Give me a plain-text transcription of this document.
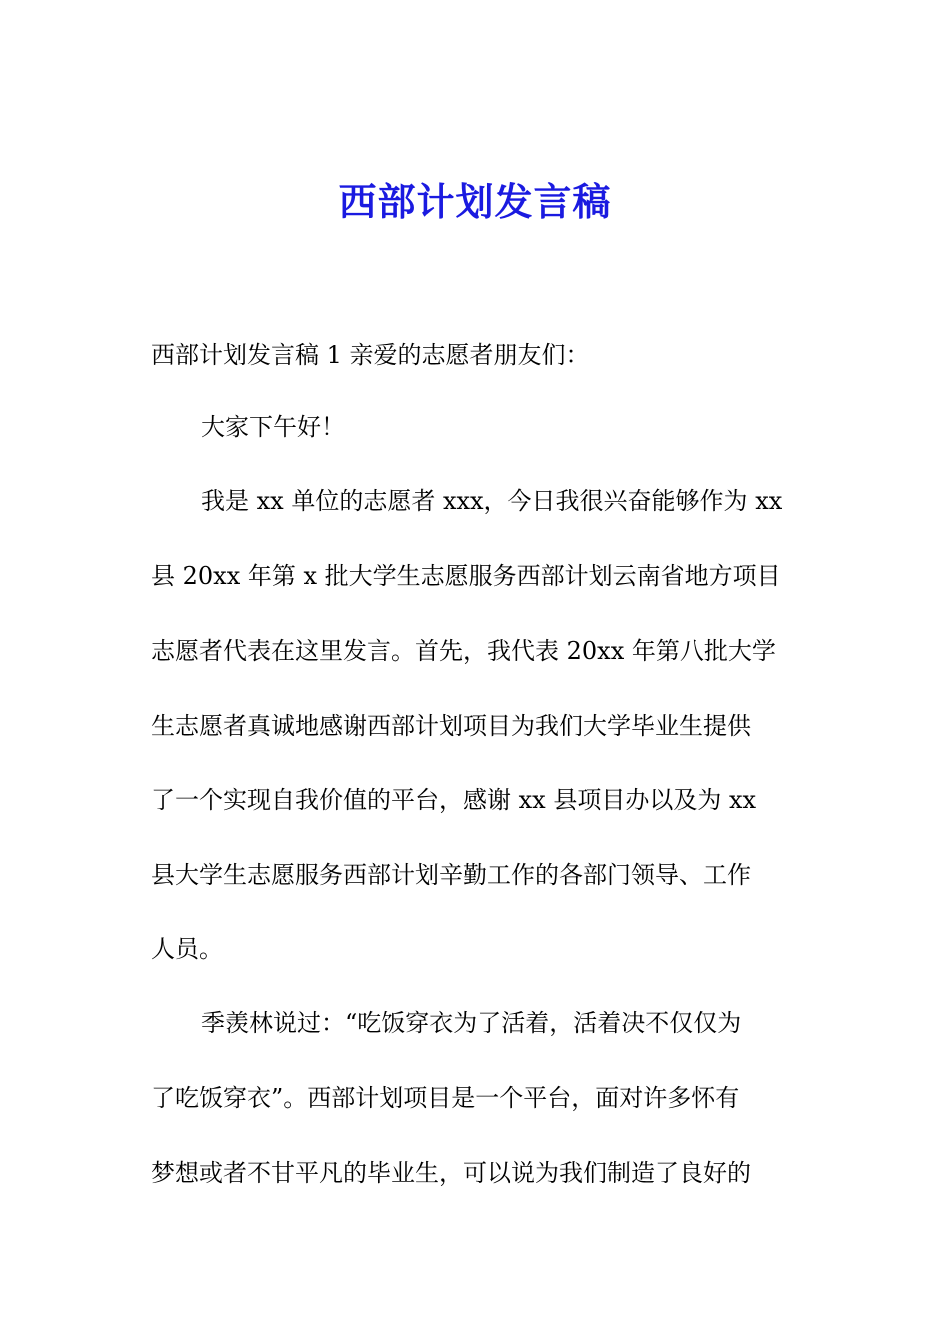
西部计划发言稿
西部计划发言稿 1 亲爱的志愿者朋友们：
大家下午好！
我是 xx 单位的志愿者 xxx，今日我很兴奋能够作为 xx
县 20xx 年第 x 批大学生志愿服务西部计划云南省地方项目
志愿者代表在这里发言。首先，我代表 20xx 年第八批大学
生志愿者真诚地感谢西部计划项目为我们大学毕业生提供
了一个实现自我价值的平台，感谢 xx 县项目办以及为 xx
县大学生志愿服务西部计划辛勤工作的各部门领导、工作
人员。
季羡林说过：“吃饭穿衣为了活着，活着决不仅仅为
了吃饭穿衣”。西部计划项目是一个平台，面对许多怀有
梦想或者不甘平凡的毕业生，可以说为我们制造了良好的
